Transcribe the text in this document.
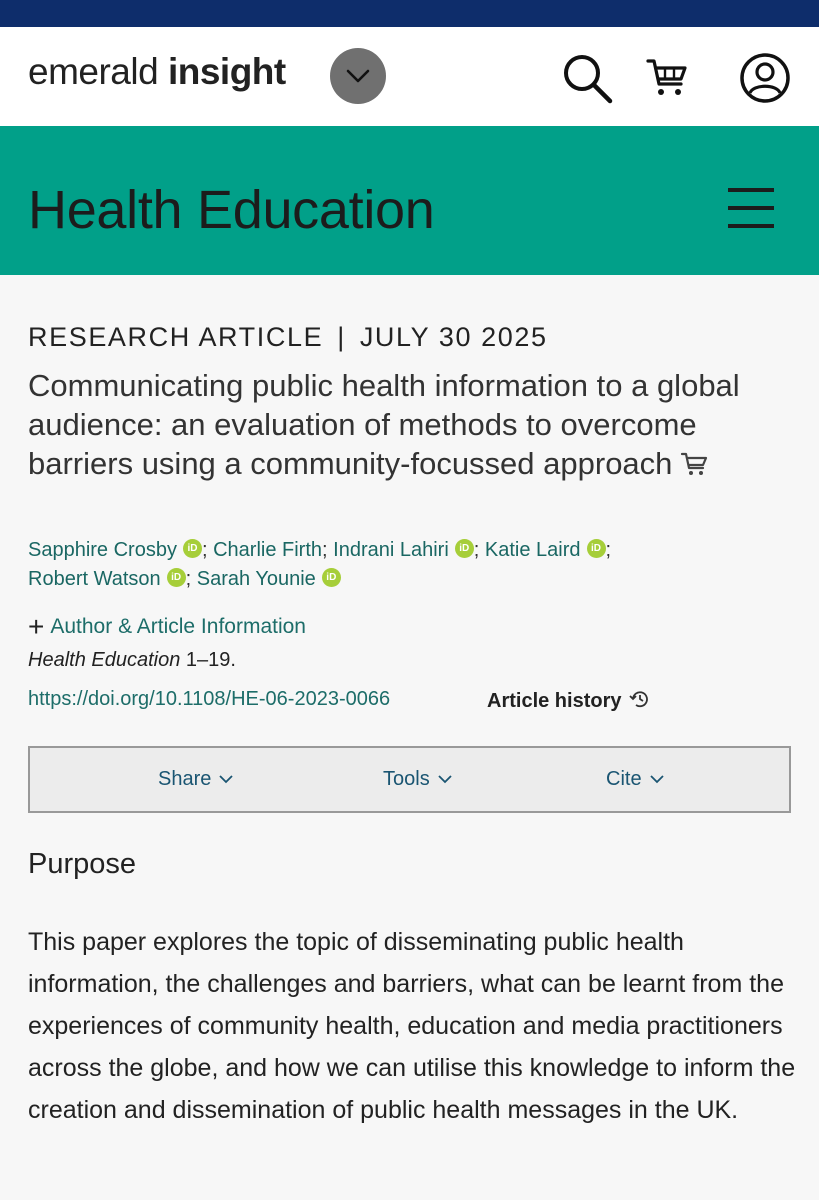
emerald insight
Health Education
RESEARCH ARTICLE | JULY 30 2025
Communicating public health information to a global audience: an evaluation of methods to overcome barriers using a community-focussed approach
Sapphire Crosby iD ; Charlie Firth; Indrani Lahiri iD ; Katie Laird iD ;
Robert Watson iD ; Sarah Younie iD
+ Author & Article Information
Health Education 1–19.
https://doi.org/10.1108/HE-06-2023-0066	Article history
Share	Tools	Cite
Purpose
This paper explores the topic of disseminating public health information, the challenges and barriers, what can be learnt from the experiences of community health, education and media practitioners across the globe, and how we can utilise this knowledge to inform the creation and dissemination of public health messages in the UK.
